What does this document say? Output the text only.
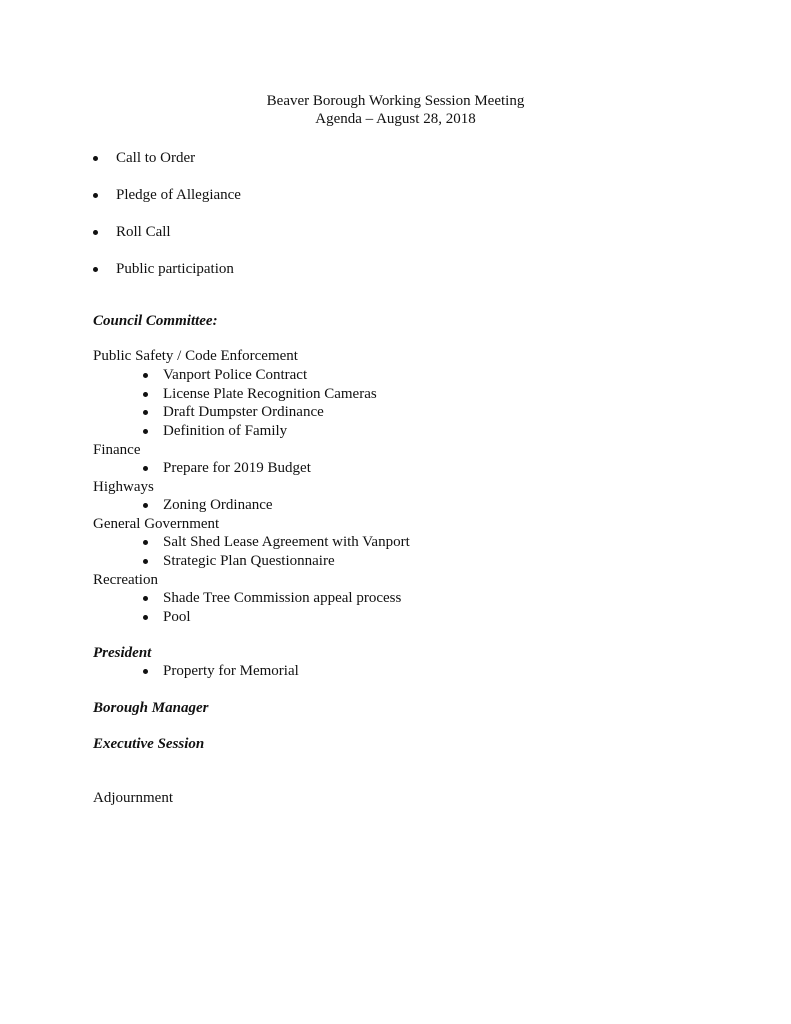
Beaver Borough Working Session Meeting
Agenda – August 28, 2018
Call to Order
Pledge of Allegiance
Roll Call
Public participation
Council Committee:
Public Safety / Code Enforcement
Vanport Police Contract
License Plate Recognition Cameras
Draft Dumpster Ordinance
Definition of Family
Finance
Prepare for 2019 Budget
Highways
Zoning Ordinance
General Government
Salt Shed Lease Agreement with Vanport
Strategic Plan Questionnaire
Recreation
Shade Tree Commission appeal process
Pool
President
Property for Memorial
Borough Manager
Executive Session
Adjournment
